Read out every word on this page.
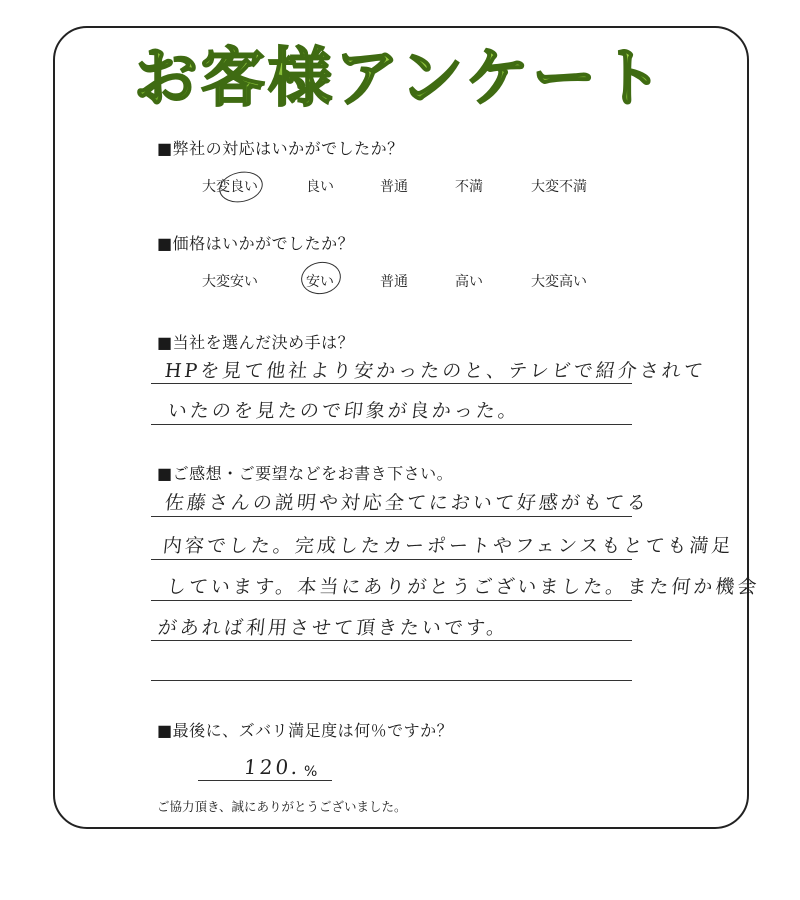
お客様アンケート
■弊社の対応はいかがでしたか？
大変良い	良い	普通	不満	大変不満
■価格はいかがでしたか？
大変安い	安い	普通	高い	大変高い
■当社を選んだ決め手は？
HPを見て他社より安かったのと、テレビで紹介されて
いたのを見たので印象が良かった。
■ご感想・ご要望などをお書き下さい。
佐藤さんの説明や対応全てにおいて好感がもてる
内容でした。完成したカーポートやフェンスもとても満足
しています。本当にありがとうございました。また何か機会
があれば利用させて頂きたいです。
■最後に、ズバリ満足度は何％ですか？
120. %
ご協力頂き、誠にありがとうございました。
